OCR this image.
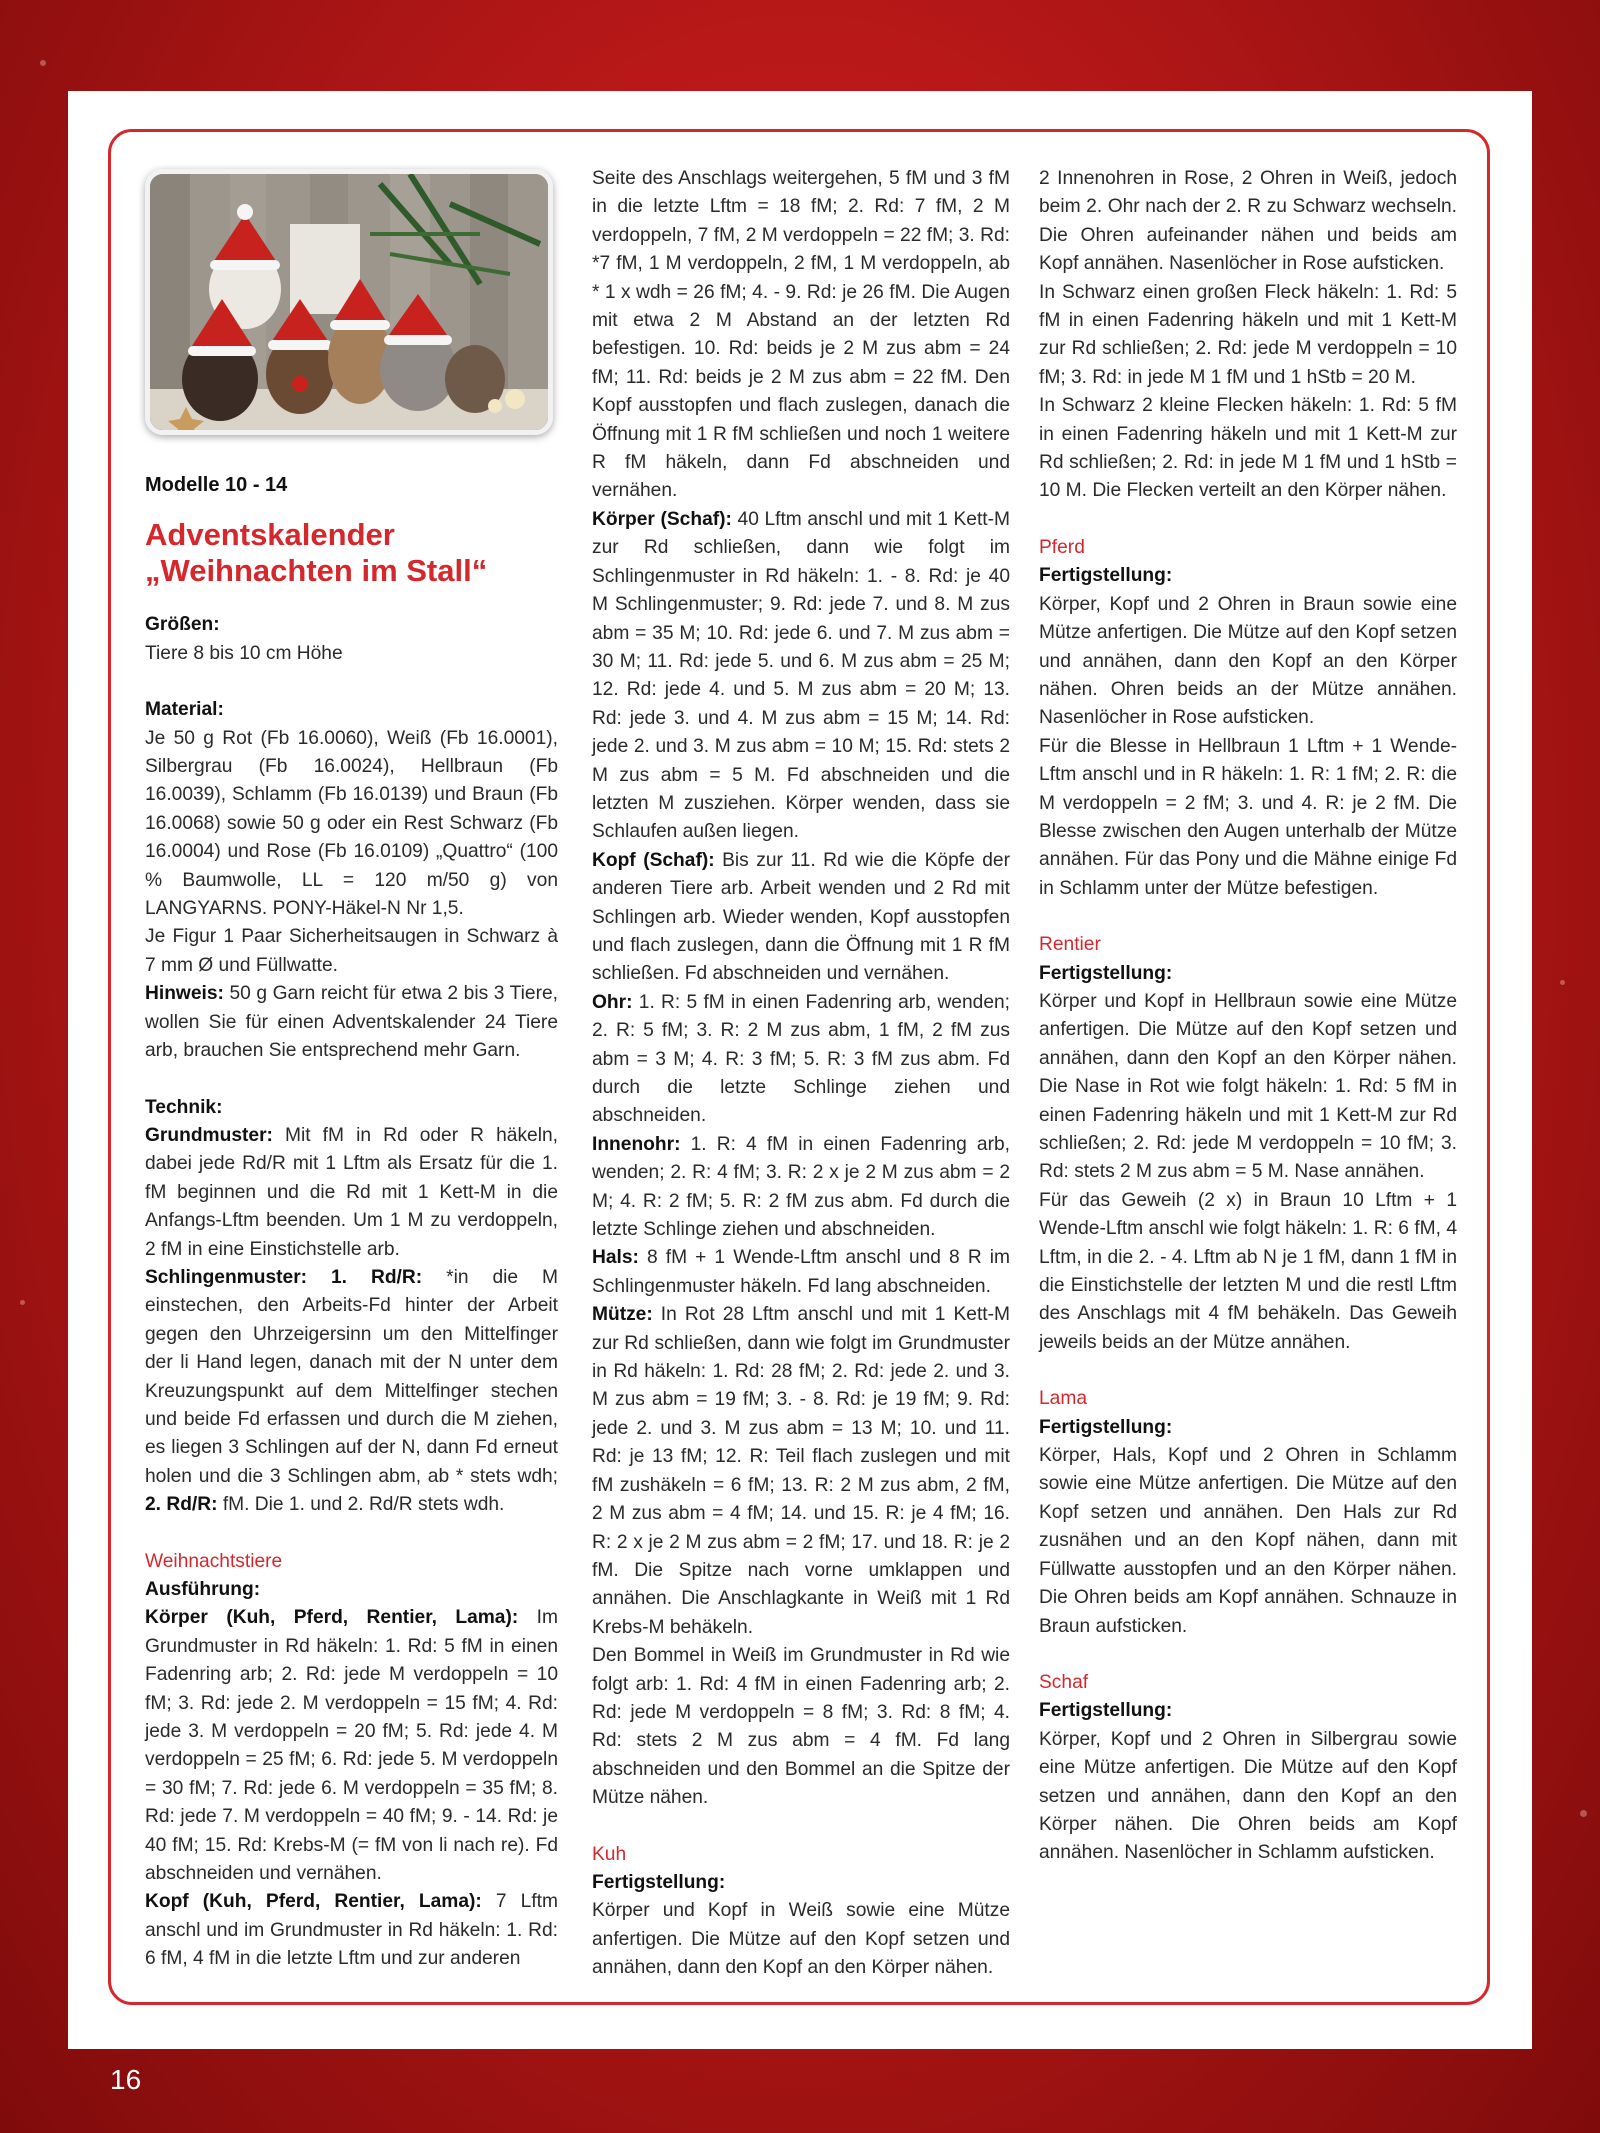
Modelle 10 - 14

Adventskalender
„Weihnachten im Stall“

Größen:

Tiere 8 bis 10 cm Höhe

Material:

Je 50 g Rot (Fb 16.0060), Weiß (Fb 16.0001), Silbergrau (Fb 16.0024), Hellbraun (Fb 16.0039), Schlamm (Fb 16.0139) und Braun (Fb 16.0068) sowie 50 g oder ein Rest Schwarz (Fb 16.0004) und Rose (Fb 16.0109) „Quattro“ (100 % Baumwolle, LL = 120 m/50 g) von LANGYARNS. PONY-Häkel-N Nr 1,5.

Je Figur 1 Paar Sicherheitsaugen in Schwarz à 7 mm Ø und Füllwatte.

Hinweis: 50 g Garn reicht für etwa 2 bis 3 Tiere, wollen Sie für einen Adventskalender 24 Tiere arb, brauchen Sie entsprechend mehr Garn.

Technik:

Grundmuster: Mit fM in Rd oder R häkeln, dabei jede Rd/R mit 1 Lftm als Ersatz für die 1. fM beginnen und die Rd mit 1 Kett-M in die Anfangs-Lftm beenden. Um 1 M zu verdoppeln, 2 fM in eine Einstichstelle arb.

Schlingenmuster: 1. Rd/R: *in die M einstechen, den Arbeits-Fd hinter der Arbeit gegen den Uhrzeigersinn um den Mittelfinger der li Hand legen, danach mit der N unter dem Kreuzungspunkt auf dem Mittelfinger stechen und beide Fd erfassen und durch die M ziehen, es liegen 3 Schlingen auf der N, dann Fd erneut holen und die 3 Schlingen abm, ab * stets wdh; 2. Rd/R: fM. Die 1. und 2. Rd/R stets wdh.

Weihnachtstiere

Ausführung:

Körper (Kuh, Pferd, Rentier, Lama): Im Grundmuster in Rd häkeln: 1. Rd: 5 fM in einen Fadenring arb; 2. Rd: jede M verdoppeln = 10 fM; 3. Rd: jede 2. M verdoppeln = 15 fM; 4. Rd: jede 3. M verdoppeln = 20 fM; 5. Rd: jede 4. M verdoppeln = 25 fM; 6. Rd: jede 5. M verdoppeln = 30 fM; 7. Rd: jede 6. M verdoppeln = 35 fM; 8. Rd: jede 7. M verdoppeln = 40 fM; 9. - 14. Rd: je 40 fM; 15. Rd: Krebs-M (= fM von li nach re). Fd abschneiden und vernähen.

Kopf (Kuh, Pferd, Rentier, Lama): 7 Lftm anschl und im Grundmuster in Rd häkeln: 1. Rd: 6 fM, 4 fM in die letzte Lftm und zur anderen

Seite des Anschlags weitergehen, 5 fM und 3 fM in die letzte Lftm = 18 fM; 2. Rd: 7 fM, 2 M verdoppeln, 7 fM, 2 M verdoppeln = 22 fM; 3. Rd: *7 fM, 1 M verdoppeln, 2 fM, 1 M verdoppeln, ab * 1 x wdh = 26 fM; 4. - 9. Rd: je 26 fM. Die Augen mit etwa 2 M Abstand an der letzten Rd befestigen. 10. Rd: beids je 2 M zus abm = 24 fM; 11. Rd: beids je 2 M zus abm = 22 fM. Den Kopf ausstopfen und flach zuslegen, danach die Öffnung mit 1 R fM schließen und noch 1 weitere R fM häkeln, dann Fd abschneiden und vernähen.

Körper (Schaf): 40 Lftm anschl und mit 1 Kett-M zur Rd schließen, dann wie folgt im Schlingenmuster in Rd häkeln: 1. - 8. Rd: je 40 M Schlingenmuster; 9. Rd: jede 7. und 8. M zus abm = 35 M; 10. Rd: jede 6. und 7. M zus abm = 30 M; 11. Rd: jede 5. und 6. M zus abm = 25 M; 12. Rd: jede 4. und 5. M zus abm = 20 M; 13. Rd: jede 3. und 4. M zus abm = 15 M; 14. Rd: jede 2. und 3. M zus abm = 10 M; 15. Rd: stets 2 M zus abm = 5 M. Fd abschneiden und die letzten M zusziehen. Körper wenden, dass sie Schlaufen außen liegen.

Kopf (Schaf): Bis zur 11. Rd wie die Köpfe der anderen Tiere arb. Arbeit wenden und 2 Rd mit Schlingen arb. Wieder wenden, Kopf ausstopfen und flach zuslegen, dann die Öffnung mit 1 R fM schließen. Fd abschneiden und vernähen.

Ohr: 1. R: 5 fM in einen Fadenring arb, wenden; 2. R: 5 fM; 3. R: 2 M zus abm, 1 fM, 2 fM zus abm = 3 M; 4. R: 3 fM; 5. R: 3 fM zus abm. Fd durch die letzte Schlinge ziehen und abschneiden.

Innenohr: 1. R: 4 fM in einen Fadenring arb, wenden; 2. R: 4 fM; 3. R: 2 x je 2 M zus abm = 2 M; 4. R: 2 fM; 5. R: 2 fM zus abm. Fd durch die letzte Schlinge ziehen und abschneiden.

Hals: 8 fM + 1 Wende-Lftm anschl und 8 R im Schlingenmuster häkeln. Fd lang abschneiden.

Mütze: In Rot 28 Lftm anschl und mit 1 Kett-M zur Rd schließen, dann wie folgt im Grundmuster in Rd häkeln: 1. Rd: 28 fM; 2. Rd: jede 2. und 3. M zus abm = 19 fM; 3. - 8. Rd: je 19 fM; 9. Rd: jede 2. und 3. M zus abm = 13 M; 10. und 11. Rd: je 13 fM; 12. R: Teil flach zuslegen und mit fM zushäkeln = 6 fM; 13. R: 2 M zus abm, 2 fM, 2 M zus abm = 4 fM; 14. und 15. R: je 4 fM; 16. R: 2 x je 2 M zus abm = 2 fM; 17. und 18. R: je 2 fM. Die Spitze nach vorne umklappen und annähen. Die Anschlagkante in Weiß mit 1 Rd Krebs-M behäkeln.

Den Bommel in Weiß im Grundmuster in Rd wie folgt arb: 1. Rd: 4 fM in einen Fadenring arb; 2. Rd: jede M verdoppeln = 8 fM; 3. Rd: 8 fM; 4. Rd: stets 2 M zus abm = 4 fM. Fd lang abschneiden und den Bommel an die Spitze der Mütze nähen.

Kuh

Fertigstellung:

Körper und Kopf in Weiß sowie eine Mütze anfertigen. Die Mütze auf den Kopf setzen und annähen, dann den Kopf an den Körper nähen.

2 Innenohren in Rose, 2 Ohren in Weiß, jedoch beim 2. Ohr nach der 2. R zu Schwarz wechseln. Die Ohren aufeinander nähen und beids am Kopf annähen. Nasenlöcher in Rose aufsticken.

In Schwarz einen großen Fleck häkeln: 1. Rd: 5 fM in einen Fadenring häkeln und mit 1 Kett-M zur Rd schließen; 2. Rd: jede M verdoppeln = 10 fM; 3. Rd: in jede M 1 fM und 1 hStb = 20 M.

In Schwarz 2 kleine Flecken häkeln: 1. Rd: 5 fM in einen Fadenring häkeln und mit 1 Kett-M zur Rd schließen; 2. Rd: in jede M 1 fM und 1 hStb = 10 M. Die Flecken verteilt an den Körper nähen.

Pferd

Fertigstellung:

Körper, Kopf und 2 Ohren in Braun sowie eine Mütze anfertigen. Die Mütze auf den Kopf setzen und annähen, dann den Kopf an den Körper nähen. Ohren beids an der Mütze annähen. Nasenlöcher in Rose aufsticken.

Für die Blesse in Hellbraun 1 Lftm + 1 Wende-Lftm anschl und in R häkeln: 1. R: 1 fM; 2. R: die M verdoppeln = 2 fM; 3. und 4. R: je 2 fM. Die Blesse zwischen den Augen unterhalb der Mütze annähen. Für das Pony und die Mähne einige Fd in Schlamm unter der Mütze befestigen.

Rentier

Fertigstellung:

Körper und Kopf in Hellbraun sowie eine Mütze anfertigen. Die Mütze auf den Kopf setzen und annähen, dann den Kopf an den Körper nähen. Die Nase in Rot wie folgt häkeln: 1. Rd: 5 fM in einen Fadenring häkeln und mit 1 Kett-M zur Rd schließen; 2. Rd: jede M verdoppeln = 10 fM; 3. Rd: stets 2 M zus abm = 5 M. Nase annähen.

Für das Geweih (2 x) in Braun 10 Lftm + 1 Wende-Lftm anschl wie folgt häkeln: 1. R: 6 fM, 4 Lftm, in die 2. - 4. Lftm ab N je 1 fM, dann 1 fM in die Einstichstelle der letzten M und die restl Lftm des Anschlags mit 4 fM behäkeln. Das Geweih jeweils beids an der Mütze annähen.

Lama

Fertigstellung:

Körper, Hals, Kopf und 2 Ohren in Schlamm sowie eine Mütze anfertigen. Die Mütze auf den Kopf setzen und annähen. Den Hals zur Rd zusnähen und an den Kopf nähen, dann mit Füllwatte ausstopfen und an den Körper nähen. Die Ohren beids am Kopf annähen. Schnauze in Braun aufsticken.

Schaf

Fertigstellung:

Körper, Kopf und 2 Ohren in Silbergrau sowie eine Mütze anfertigen. Die Mütze auf den Kopf setzen und annähen, dann den Kopf an den Körper nähen. Die Ohren beids am Kopf annähen. Nasenlöcher in Schlamm aufsticken.

16
